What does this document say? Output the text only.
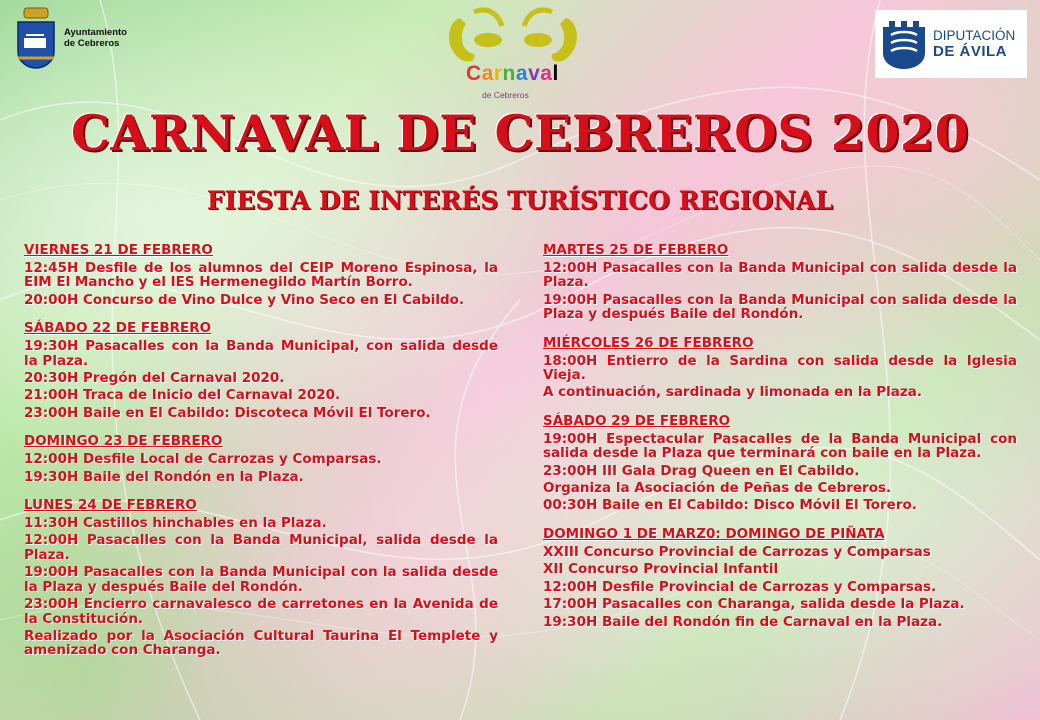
Ayuntamiento
de Cebreros
Carnaval
de Cebreros
DIPUTACIÓN
DE ÁVILA
CARNAVAL DE CEBREROS 2020
FIESTA DE INTERÉS TURÍSTICO REGIONAL
VIERNES 21 DE FEBRERO
12:45H Desfile de los alumnos del CEIP Moreno Espinosa, la EIM El Mancho y el IES Hermenegildo Martín Borro.
20:00H Concurso de Vino Dulce y Vino Seco en El Cabildo.
SÁBADO 22 DE FEBRERO
19:30H Pasacalles con la Banda Municipal, con salida desde la Plaza.
20:30H Pregón del Carnaval 2020.
21:00H Traca de Inicio del Carnaval 2020.
23:00H Baile en El Cabildo: Discoteca Móvil El Torero.
DOMINGO 23 DE FEBRERO
12:00H Desfile Local de Carrozas y Comparsas.
19:30H Baile del Rondón en la Plaza.
LUNES 24 DE FEBRERO
11:30H Castillos hinchables en la Plaza.
12:00H Pasacalles con la Banda Municipal, salida desde la Plaza.
19:00H Pasacalles con la Banda Municipal con la salida desde la Plaza y después Baile del Rondón.
23:00H Encierro carnavalesco de carretones en la Avenida de la Constitución.
Realizado por la Asociación Cultural Taurina El Templete y amenizado con Charanga.
MARTES 25 DE FEBRERO
12:00H Pasacalles con la Banda Municipal con salida desde la Plaza.
19:00H Pasacalles con la Banda Municipal con salida desde la Plaza y después Baile del Rondón.
MIÉRCOLES 26 DE FEBRERO
18:00H Entierro de la Sardina con salida desde la Iglesia Vieja.
A continuación, sardinada y limonada en la Plaza.
SÁBADO 29 DE FEBRERO
19:00H Espectacular Pasacalles de la Banda Municipal con salida desde la Plaza que terminará con baile en la Plaza.
23:00H III Gala Drag Queen en El Cabildo.
Organiza la Asociación de Peñas de Cebreros.
00:30H Baile en El Cabildo: Disco Móvil El Torero.
DOMINGO 1 DE MARZ0: DOMINGO DE PIÑATA
XXIII Concurso Provincial de Carrozas y Comparsas
XII Concurso Provincial Infantil
12:00H Desfile Provincial de Carrozas y Comparsas.
17:00H Pasacalles con Charanga, salida desde la Plaza.
19:30H Baile del Rondón fin de Carnaval en la Plaza.
